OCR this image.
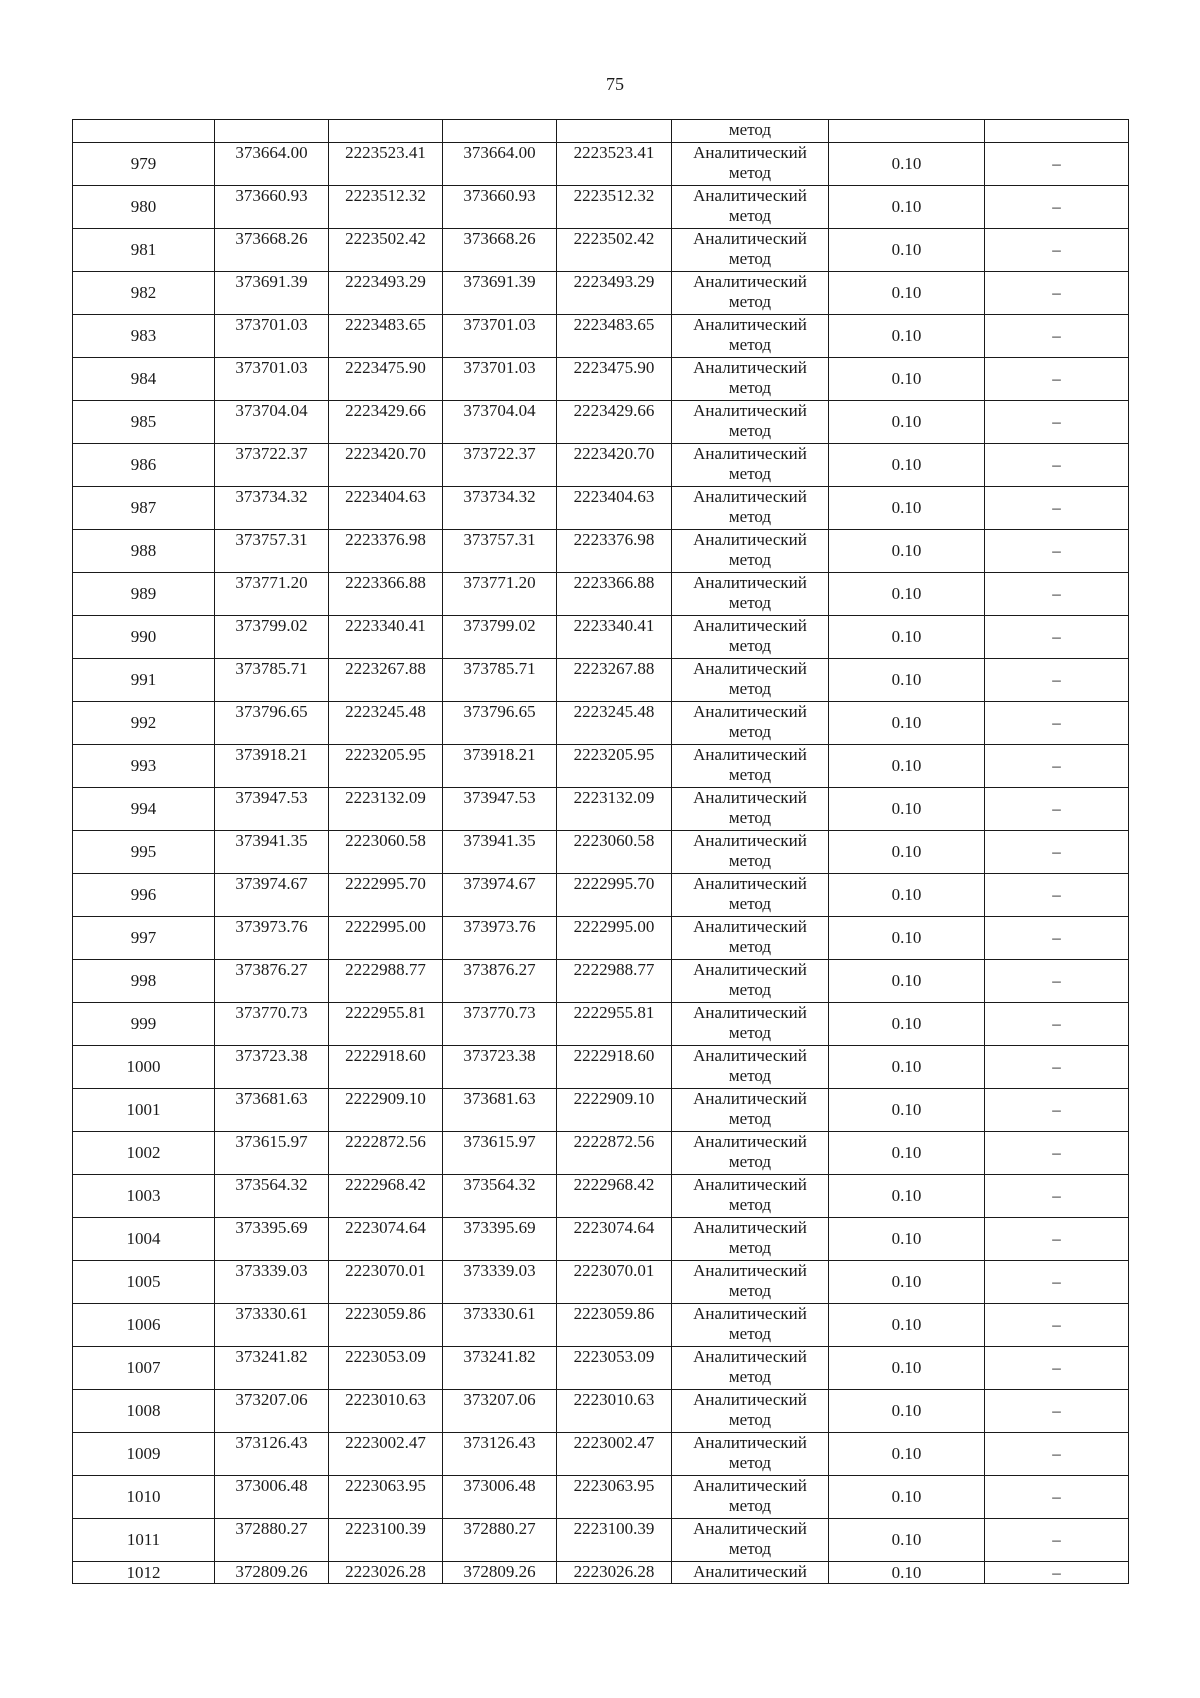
75
					метод		
979	373664.00	2223523.41	373664.00	2223523.41	Аналитический
метод	0.10	–
980	373660.93	2223512.32	373660.93	2223512.32	Аналитический
метод	0.10	–
981	373668.26	2223502.42	373668.26	2223502.42	Аналитический
метод	0.10	–
982	373691.39	2223493.29	373691.39	2223493.29	Аналитический
метод	0.10	–
983	373701.03	2223483.65	373701.03	2223483.65	Аналитический
метод	0.10	–
984	373701.03	2223475.90	373701.03	2223475.90	Аналитический
метод	0.10	–
985	373704.04	2223429.66	373704.04	2223429.66	Аналитический
метод	0.10	–
986	373722.37	2223420.70	373722.37	2223420.70	Аналитический
метод	0.10	–
987	373734.32	2223404.63	373734.32	2223404.63	Аналитический
метод	0.10	–
988	373757.31	2223376.98	373757.31	2223376.98	Аналитический
метод	0.10	–
989	373771.20	2223366.88	373771.20	2223366.88	Аналитический
метод	0.10	–
990	373799.02	2223340.41	373799.02	2223340.41	Аналитический
метод	0.10	–
991	373785.71	2223267.88	373785.71	2223267.88	Аналитический
метод	0.10	–
992	373796.65	2223245.48	373796.65	2223245.48	Аналитический
метод	0.10	–
993	373918.21	2223205.95	373918.21	2223205.95	Аналитический
метод	0.10	–
994	373947.53	2223132.09	373947.53	2223132.09	Аналитический
метод	0.10	–
995	373941.35	2223060.58	373941.35	2223060.58	Аналитический
метод	0.10	–
996	373974.67	2222995.70	373974.67	2222995.70	Аналитический
метод	0.10	–
997	373973.76	2222995.00	373973.76	2222995.00	Аналитический
метод	0.10	–
998	373876.27	2222988.77	373876.27	2222988.77	Аналитический
метод	0.10	–
999	373770.73	2222955.81	373770.73	2222955.81	Аналитический
метод	0.10	–
1000	373723.38	2222918.60	373723.38	2222918.60	Аналитический
метод	0.10	–
1001	373681.63	2222909.10	373681.63	2222909.10	Аналитический
метод	0.10	–
1002	373615.97	2222872.56	373615.97	2222872.56	Аналитический
метод	0.10	–
1003	373564.32	2222968.42	373564.32	2222968.42	Аналитический
метод	0.10	–
1004	373395.69	2223074.64	373395.69	2223074.64	Аналитический
метод	0.10	–
1005	373339.03	2223070.01	373339.03	2223070.01	Аналитический
метод	0.10	–
1006	373330.61	2223059.86	373330.61	2223059.86	Аналитический
метод	0.10	–
1007	373241.82	2223053.09	373241.82	2223053.09	Аналитический
метод	0.10	–
1008	373207.06	2223010.63	373207.06	2223010.63	Аналитический
метод	0.10	–
1009	373126.43	2223002.47	373126.43	2223002.47	Аналитический
метод	0.10	–
1010	373006.48	2223063.95	373006.48	2223063.95	Аналитический
метод	0.10	–
1011	372880.27	2223100.39	372880.27	2223100.39	Аналитический
метод	0.10	–
1012	372809.26	2223026.28	372809.26	2223026.28	Аналитический	0.10	–
